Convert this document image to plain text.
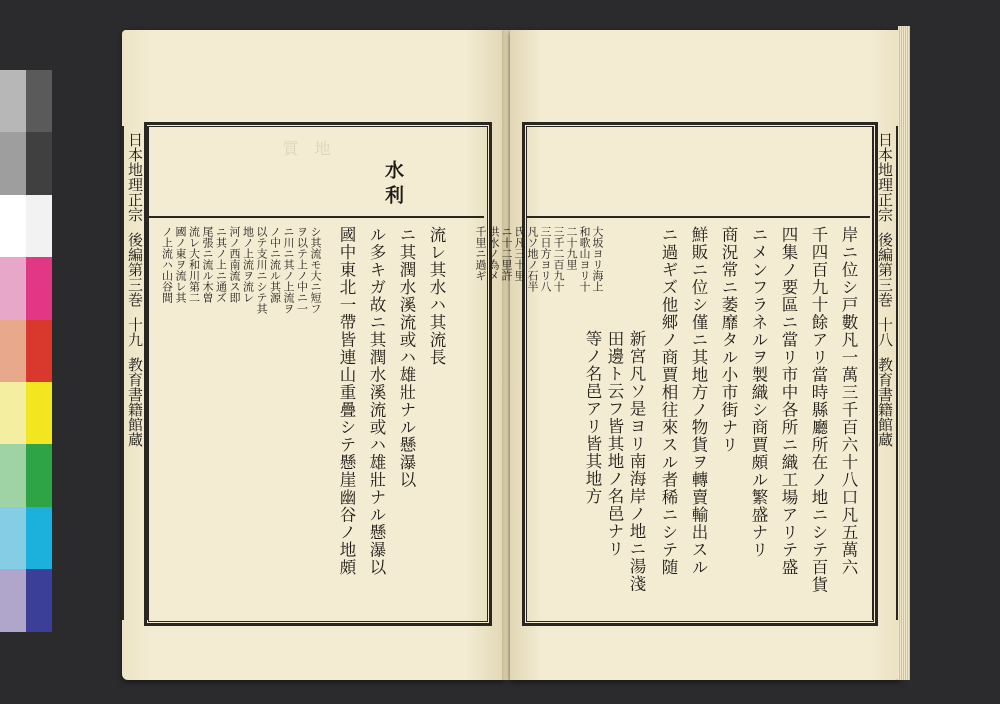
日本地理正宗
後編第三巻
十九
教育書籍館蔵
水利
地
質
シ其流モ大ニ短フ
ヲ以テ上ノ中ニ一
ニ川ニ其ノ上流ヲ
ノ中ニ流ル其源
以テ支川ニシテ其
地ノ上流ヲ流レ
河ノ西南流ス即
ニ其ノ上ニ通ズ
尾張ニ流ル木曽
流レ大和川第二
國ノ東ヲ流レ其
ノ上流ハ山谷間	流レ其水ハ其流長
ニ其潤水溪流或ハ雄壯ナル懸瀑以
ル多キガ故ニ其潤水溪流或ハ雄壯ナル懸瀑以
國中東北一帶皆連山重疊シテ懸崖幽谷ノ地頗
日本地理正宗
後編第三巻
十八
教育書籍館蔵
岸ニ位シ戸數凡一萬三千百六十八口凡五萬六
千四百九十餘アリ當時縣廳所在ノ地ニシテ百貨
四集ノ要區ニ當リ市中各所ニ織工場アリテ盛
ニメンフラネルヲ製織シ商賈頗ル繁盛ナリ
商況常ニ萎靡タル小市街ナリ
鮮販ニ位シ僅ニ其地方ノ物貨ヲ轉賣輸出スル
ニ過ギズ他郷ノ商賈相往來スル者稀ニシテ随
新宮凡ソ是ヨリ南海岸ノ地ニ湯淺
田邊ト云フ皆其地ノ名邑ナリ
等ノ名邑アリ皆其地方
大坂ヨリ海上
和歌山ヨリ十
二十九里
三千二百九十
三日方ヨリ八
凡ソ地ノ石半
氏凡三十里
ニ十二里許
洪水ノ為メ
千里ニ過ギ
